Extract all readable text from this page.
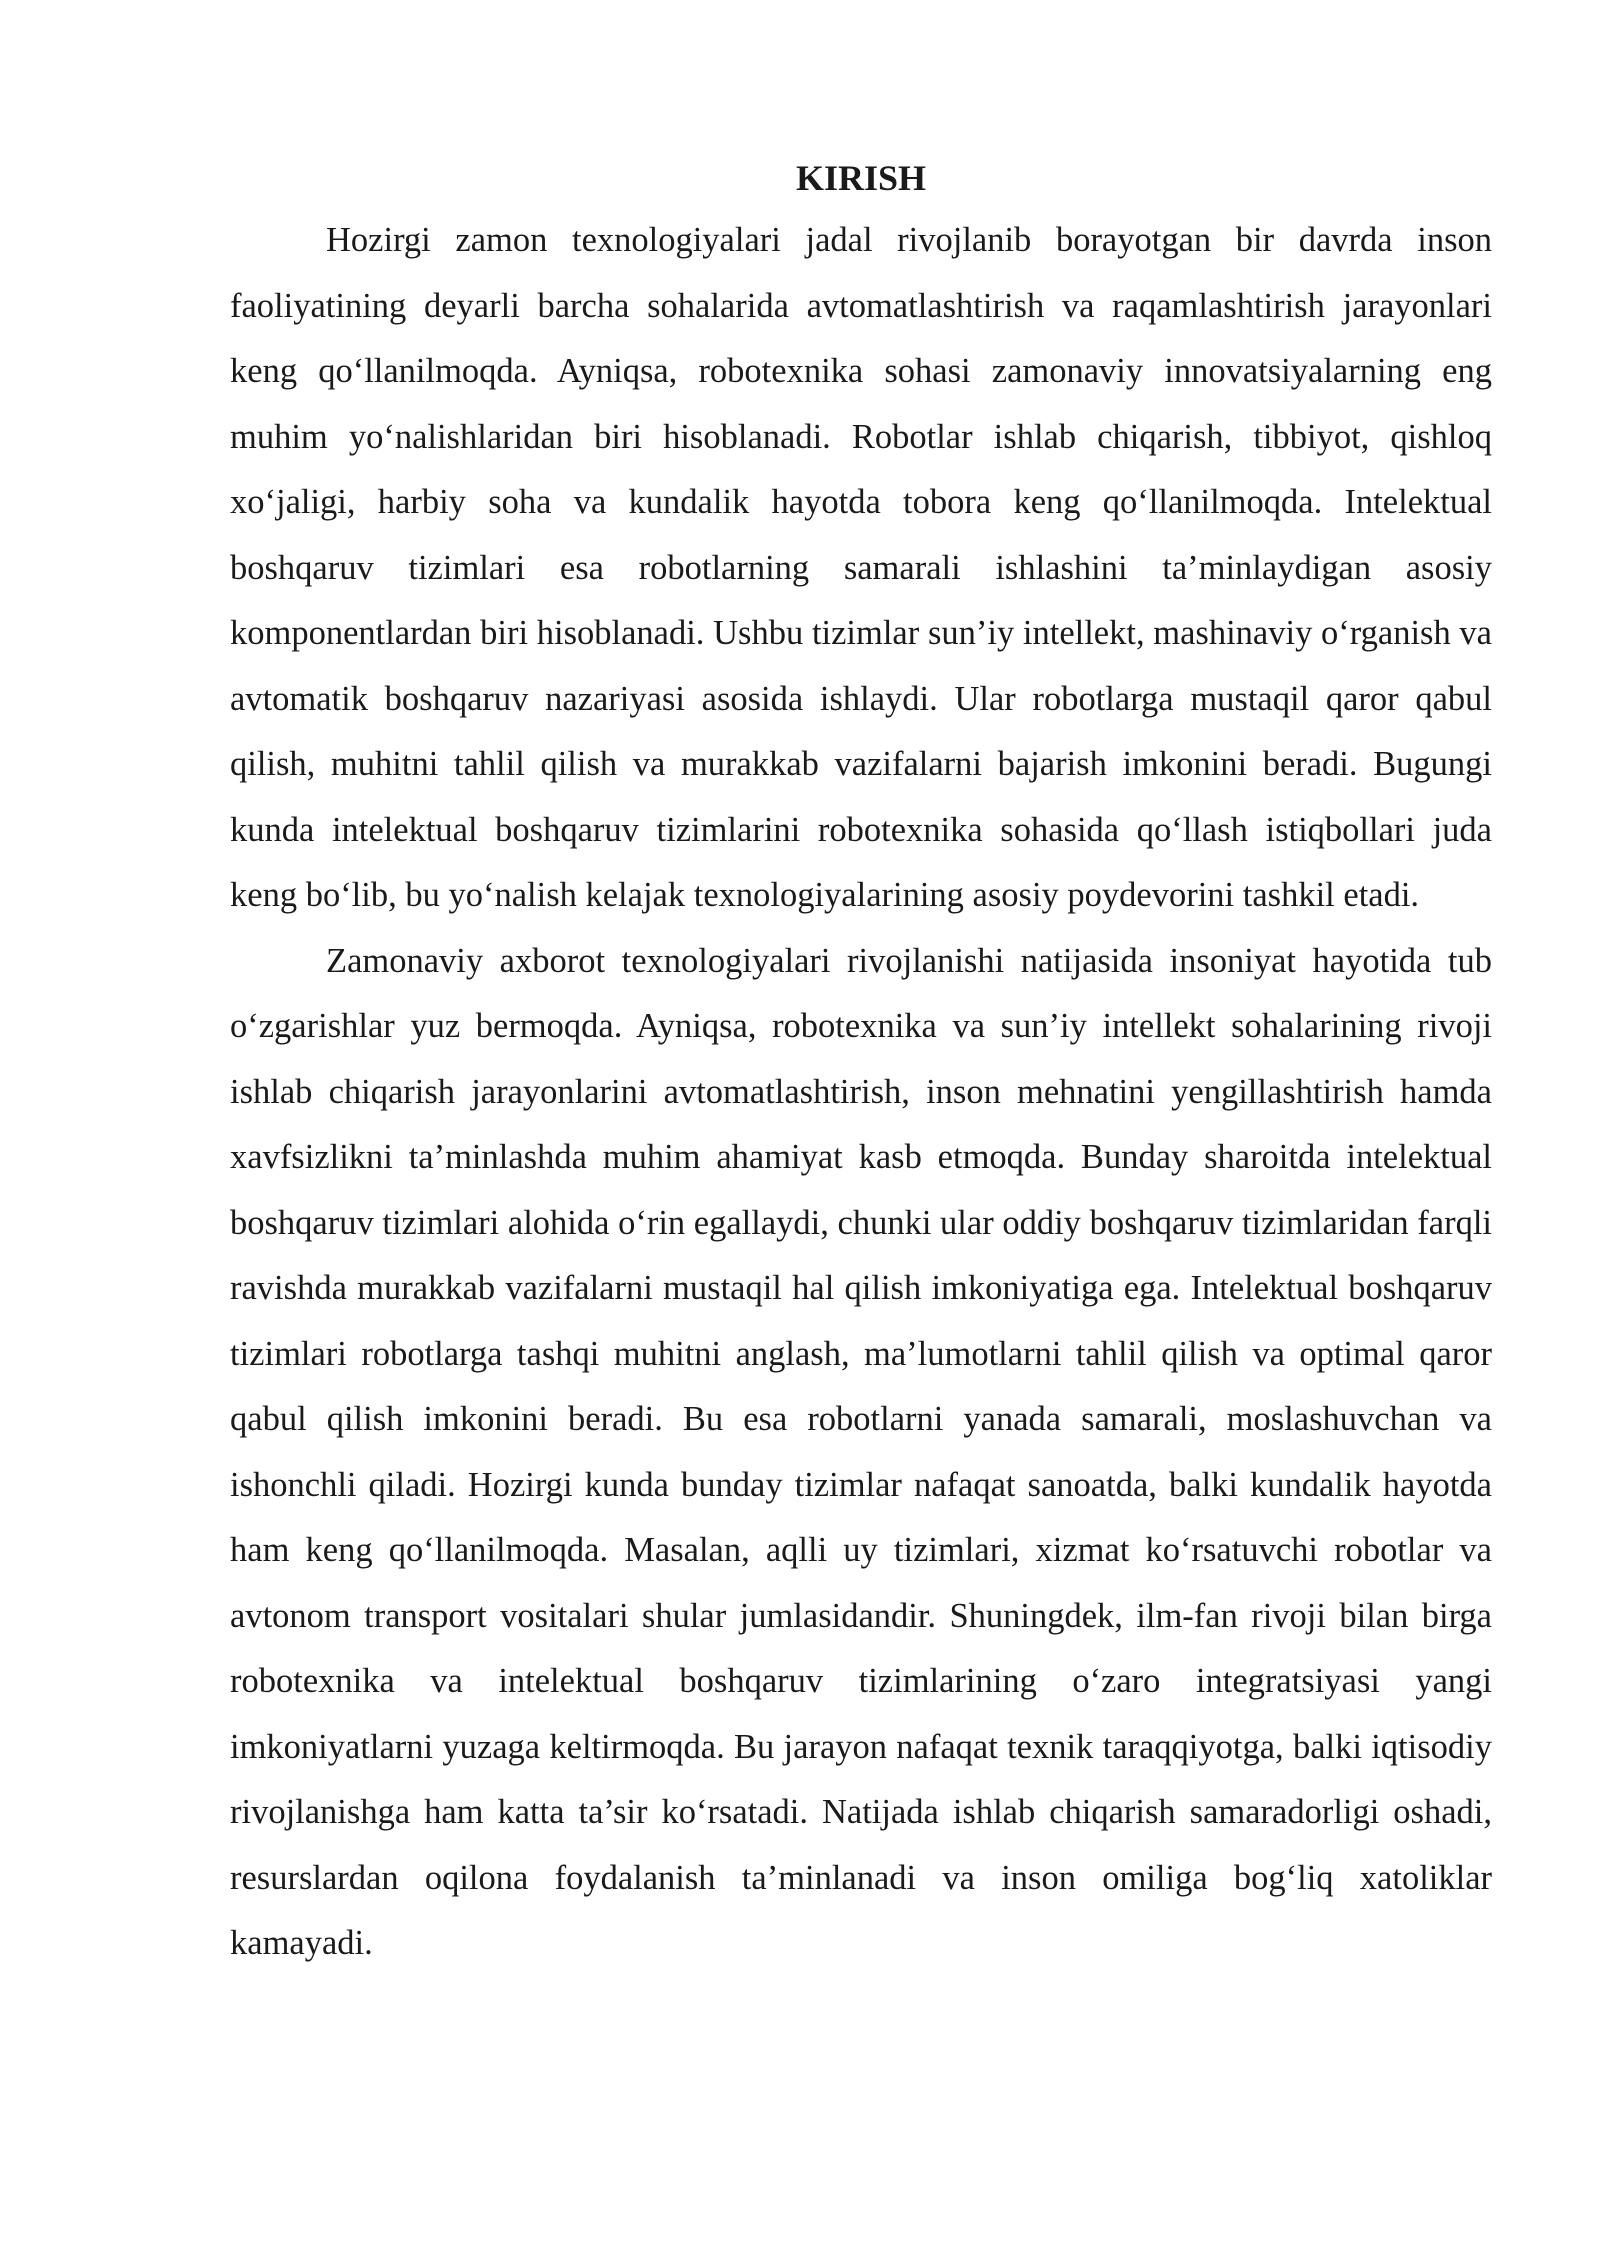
KIRISH

Hozirgi zamon texnologiyalari jadal rivojlanib borayotgan bir davrda inson faoliyatining deyarli barcha sohalarida avtomatlashtirish va raqamlashtirish jarayonlari keng qo‘llanilmoqda. Ayniqsa, robotexnika sohasi zamonaviy innovatsiyalarning eng muhim yo‘nalishlaridan biri hisoblanadi. Robotlar ishlab chiqarish, tibbiyot, qishloq xo‘jaligi, harbiy soha va kundalik hayotda tobora keng qo‘llanilmoqda. Intelektual boshqaruv tizimlari esa robotlarning samarali ishlashini ta’minlaydigan asosiy komponentlardan biri hisoblanadi. Ushbu tizimlar sun’iy intellekt, mashinaviy o‘rganish va avtomatik boshqaruv nazariyasi asosida ishlaydi. Ular robotlarga mustaqil qaror qabul qilish, muhitni tahlil qilish va murakkab vazifalarni bajarish imkonini beradi. Bugungi kunda intelektual boshqaruv tizimlarini robotexnika sohasida qo‘llash istiqbollari juda keng bo‘lib, bu yo‘nalish kelajak texnologiyalarining asosiy poydevorini tashkil etadi.

Zamonaviy axborot texnologiyalari rivojlanishi natijasida insoniyat hayotida tub o‘zgarishlar yuz bermoqda. Ayniqsa, robotexnika va sun’iy intellekt sohalarining rivoji ishlab chiqarish jarayonlarini avtomatlashtirish, inson mehnatini yengillashtirish hamda xavfsizlikni ta’minlashda muhim ahamiyat kasb etmoqda. Bunday sharoitda intelektual boshqaruv tizimlari alohida o‘rin egallaydi, chunki ular oddiy boshqaruv tizimlaridan farqli ravishda murakkab vazifalarni mustaqil hal qilish imkoniyatiga ega. Intelektual boshqaruv tizimlari robotlarga tashqi muhitni anglash, ma’lumotlarni tahlil qilish va optimal qaror qabul qilish imkonini beradi. Bu esa robotlarni yanada samarali, moslashuvchan va ishonchli qiladi. Hozirgi kunda bunday tizimlar nafaqat sanoatda, balki kundalik hayotda ham keng qo‘llanilmoqda. Masalan, aqlli uy tizimlari, xizmat ko‘rsatuvchi robotlar va avtonom transport vositalari shular jumlasidandir. Shuningdek, ilm-fan rivoji bilan birga robotexnika va intelektual boshqaruv tizimlarining o‘zaro integratsiyasi yangi imkoniyatlarni yuzaga keltirmoqda. Bu jarayon nafaqat texnik taraqqiyotga, balki iqtisodiy rivojlanishga ham katta ta’sir ko‘rsatadi. Natijada ishlab chiqarish samaradorligi oshadi, resurslardan oqilona foydalanish ta’minlanadi va inson omiliga bog‘liq xatoliklar kamayadi.
